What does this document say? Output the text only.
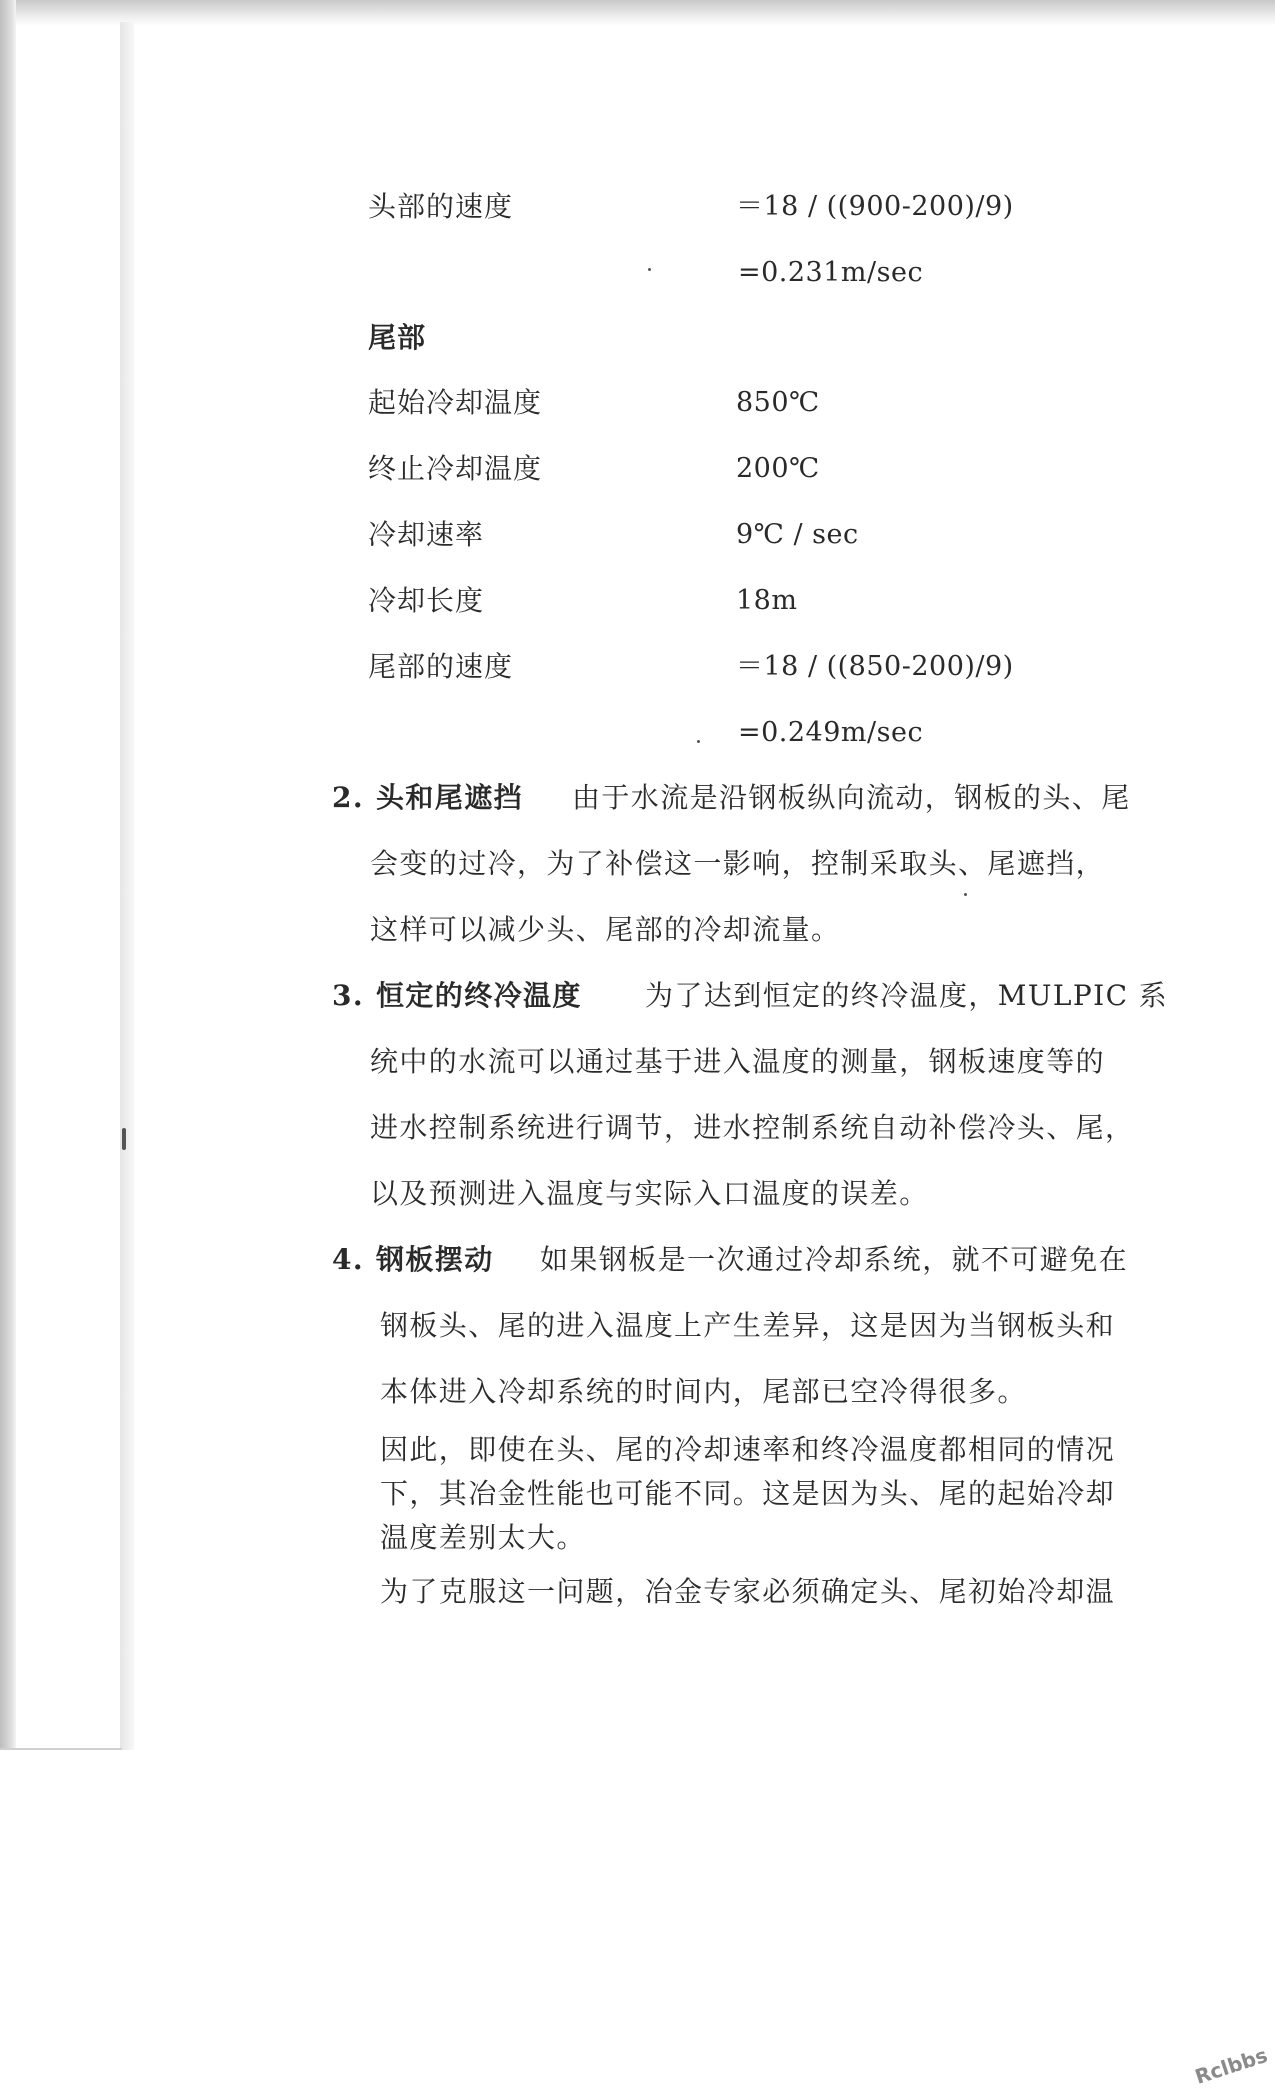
头部的速度	＝18 / ((900-200)/9)
=0.231m/sec
尾部
起始冷却温度	850℃
终止冷却温度	200℃
冷却速率	9℃ / sec
冷却长度	18m
尾部的速度	＝18 / ((850-200)/9)
=0.249m/sec
2. 头和尾遮挡 由于水流是沿钢板纵向流动，钢板的头、尾
会变的过冷，为了补偿这一影响，控制采取头、尾遮挡，
这样可以减少头、尾部的冷却流量。
3. 恒定的终冷温度 为了达到恒定的终冷温度，MULPIC 系
统中的水流可以通过基于进入温度的测量，钢板速度等的
进水控制系统进行调节，进水控制系统自动补偿冷头、尾，
以及预测进入温度与实际入口温度的误差。
4. 钢板摆动 如果钢板是一次通过冷却系统，就不可避免在
钢板头、尾的进入温度上产生差异，这是因为当钢板头和
本体进入冷却系统的时间内，尾部已空冷得很多。
因此，即使在头、尾的冷却速率和终冷温度都相同的情况
下，其冶金性能也可能不同。这是因为头、尾的起始冷却
温度差别太大。
为了克服这一问题，冶金专家必须确定头、尾初始冷却温
Rclbbs
